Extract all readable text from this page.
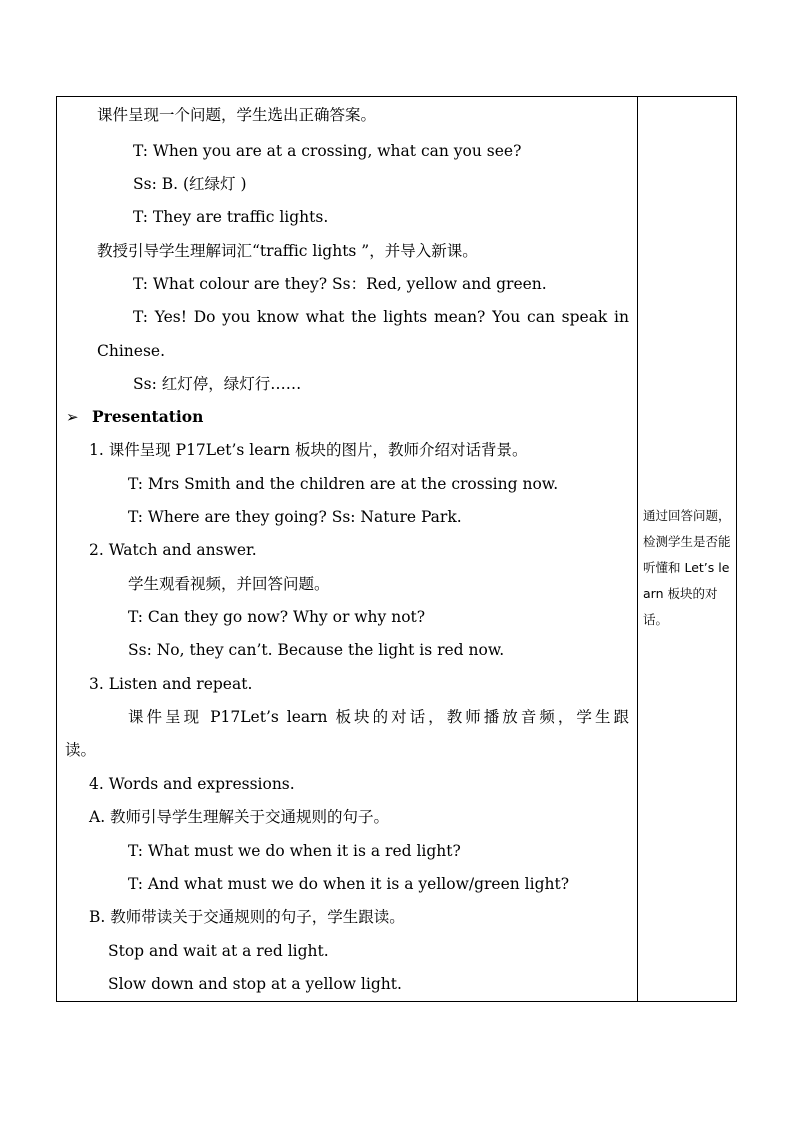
课件呈现一个问题，学生选出正确答案。
T: When you are at a crossing, what can you see?
Ss: B. (红绿灯 )
T: They are traffic lights.
教授引导学生理解词汇“traffic lights ”，并导入新课。
T: What colour are they? Ss：Red, yellow and green.
T: Yes! Do you know what the lights mean? You can speak in
Chinese.
Ss: 红灯停，绿灯行……
➢ Presentation
1. 课件呈现 P17Let’s learn 板块的图片，教师介绍对话背景。
T: Mrs Smith and the children are at the crossing now.
T: Where are they going? Ss: Nature Park.
2. Watch and answer.
学生观看视频，并回答问题。
T: Can they go now? Why or why not?
Ss: No, they can’t. Because the light is red now.
3. Listen and repeat.
课件呈现 P17Let’s learn 板块的对话，教师播放音频，学生跟
读。
4. Words and expressions.
A. 教师引导学生理解关于交通规则的句子。
T: What must we do when it is a red light?
T: And what must we do when it is a yellow/green light?
B. 教师带读关于交通规则的句子，学生跟读。
Stop and wait at a red light.
Slow down and stop at a yellow light.
通过回答问题，检测学生是否能听懂和 Let’s learn 板块的对话。
